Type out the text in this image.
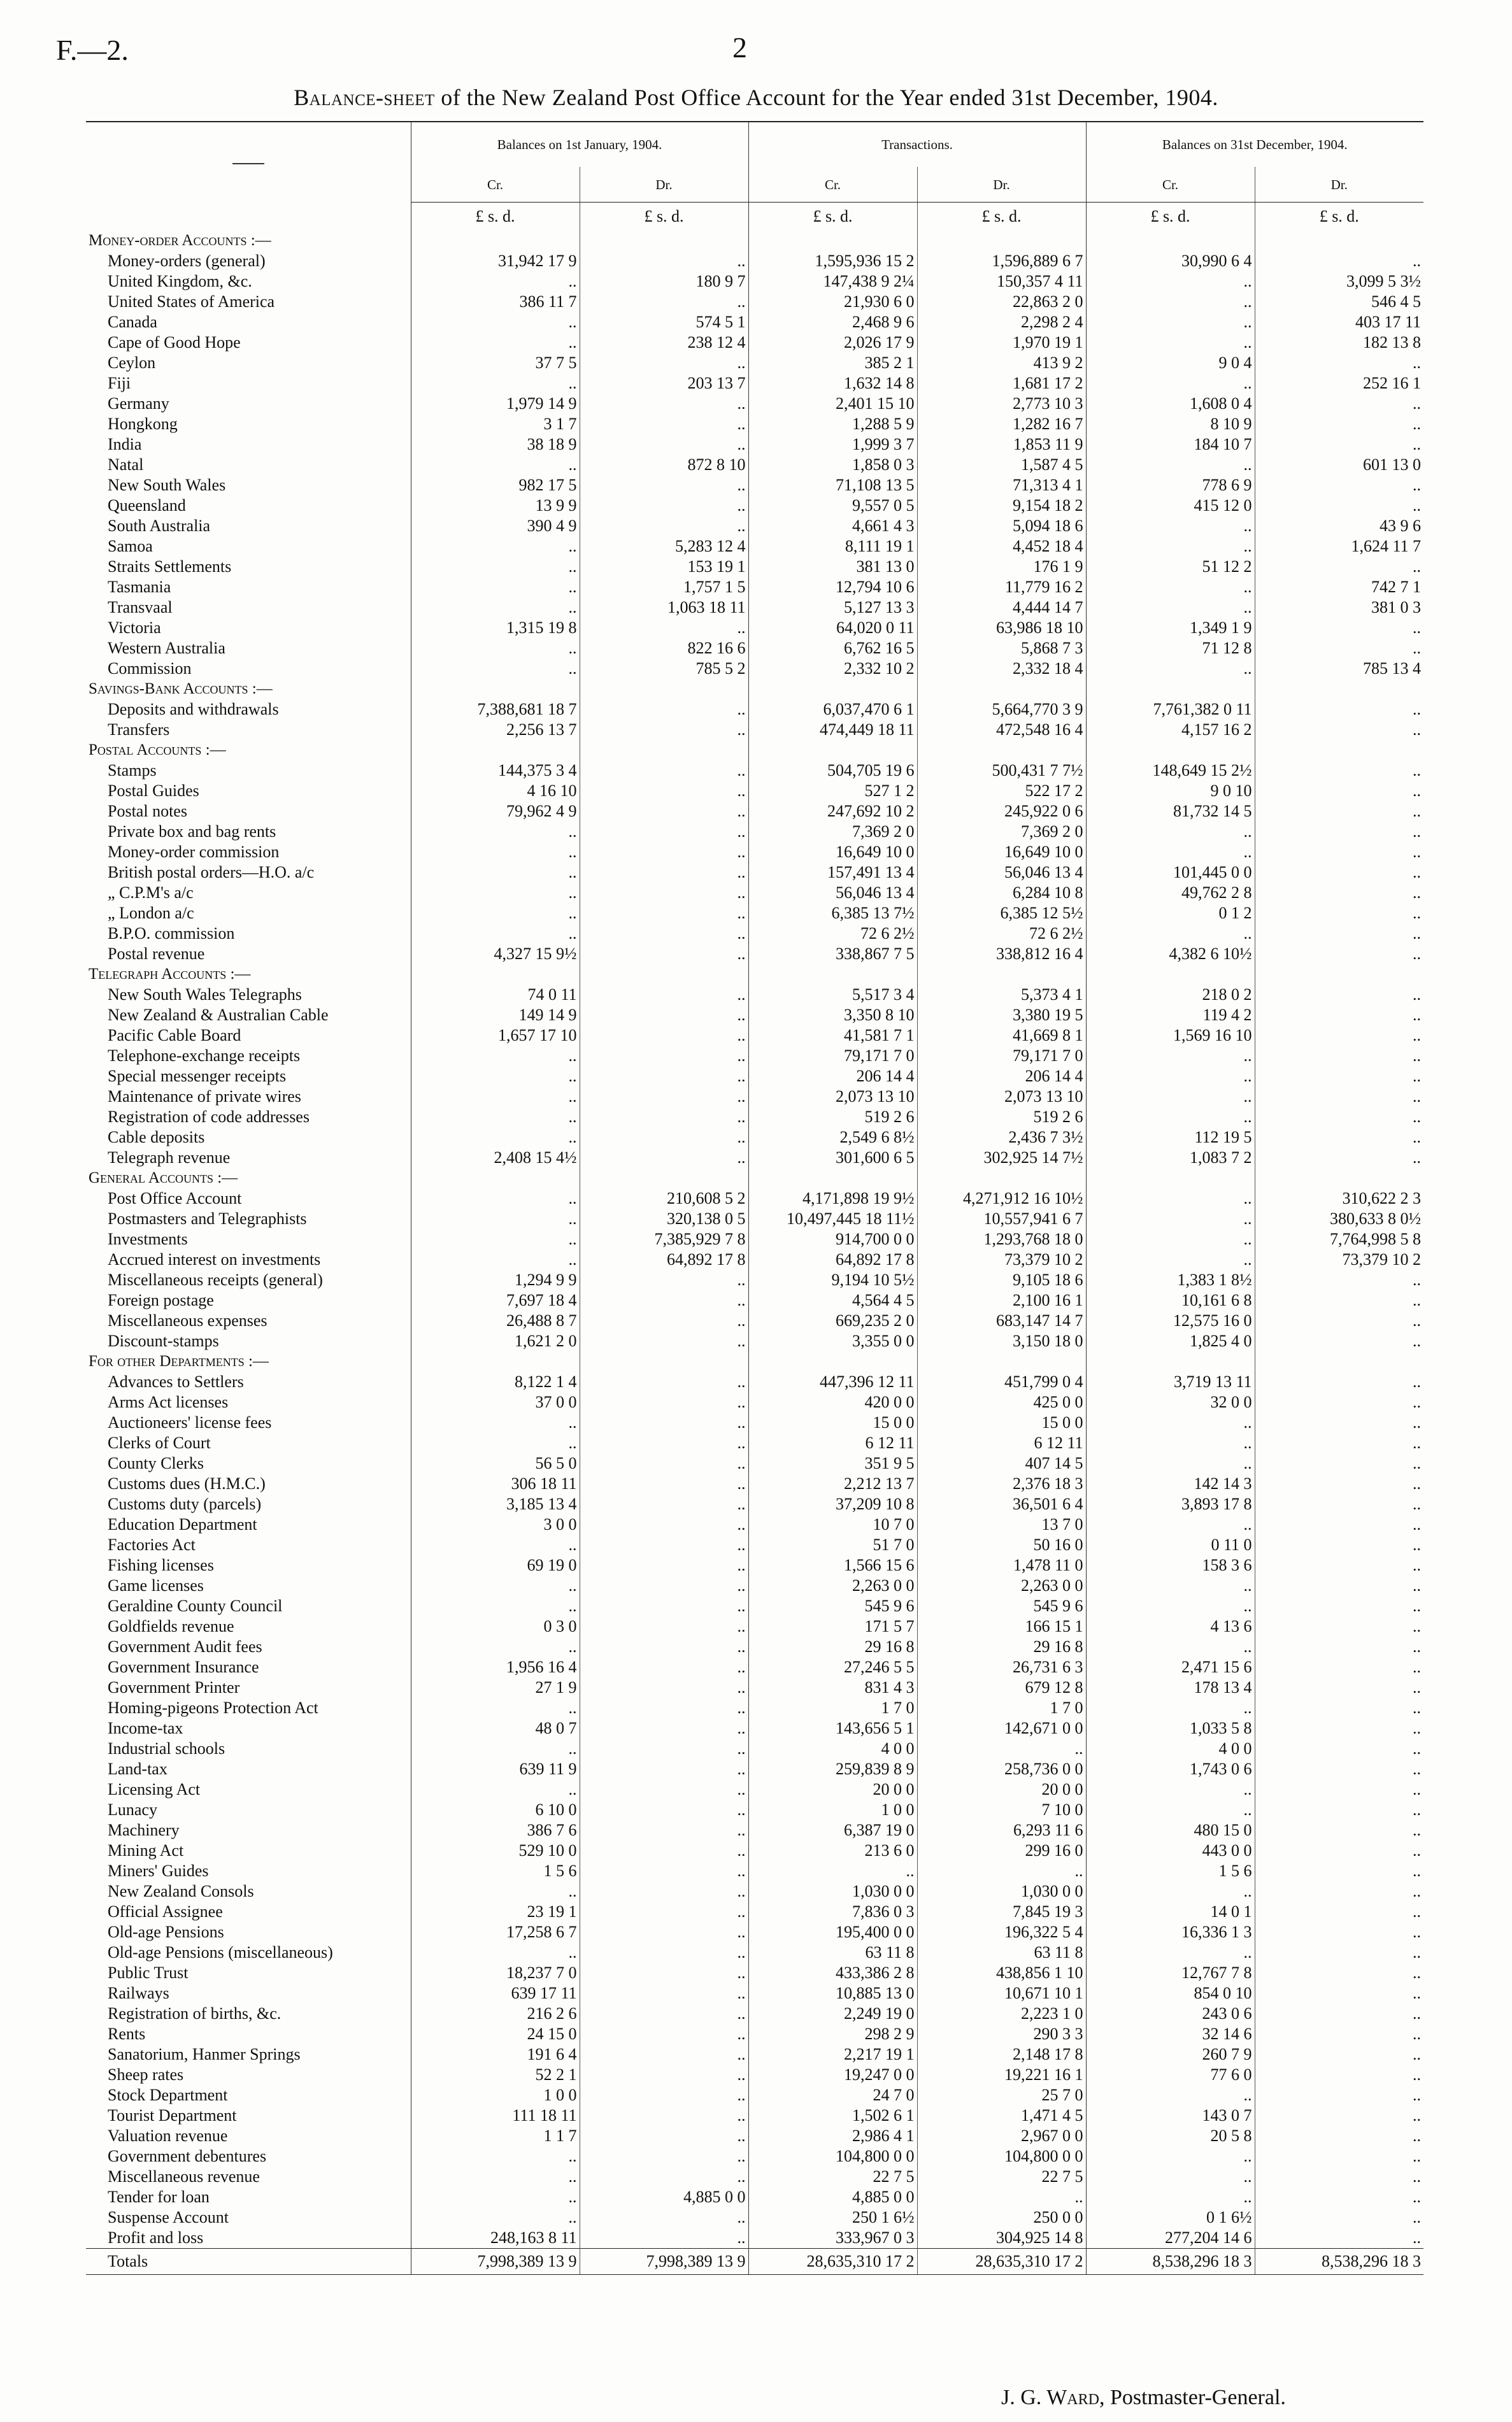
F.—2.	2
Balance-sheet of the New Zealand Post Office Account for the Year ended 31st December, 1904.
	Balances on 1st January, 1904.		Transactions.		Balances on 31st December, 1904.	
	Cr.	Dr.	Cr.	Dr.	Cr.	Dr.
	£ s. d.	£ s. d.	£ s. d.	£ s. d.	£ s. d.	£ s. d.
Money-order Accounts :—						
Money-orders (general)	31,942 17 9	..	1,595,936 15 2	1,596,889 6 7	30,990 6 4	..
United Kingdom, &c.	..	180 9 7	147,438 9 2¼	150,357 4 11	..	3,099 5 3½
United States of America	386 11 7	..	21,930 6 0	22,863 2 0	..	546 4 5
Canada	..	574 5 1	2,468 9 6	2,298 2 4	..	403 17 11
Cape of Good Hope	..	238 12 4	2,026 17 9	1,970 19 1	..	182 13 8
Ceylon	37 7 5	..	385 2 1	413 9 2	9 0 4	..
Fiji	..	203 13 7	1,632 14 8	1,681 17 2	..	252 16 1
Germany	1,979 14 9	..	2,401 15 10	2,773 10 3	1,608 0 4	..
Hongkong	3 1 7	..	1,288 5 9	1,282 16 7	8 10 9	..
India	38 18 9	..	1,999 3 7	1,853 11 9	184 10 7	..
Natal	..	872 8 10	1,858 0 3	1,587 4 5	..	601 13 0
New South Wales	982 17 5	..	71,108 13 5	71,313 4 1	778 6 9	..
Queensland	13 9 9	..	9,557 0 5	9,154 18 2	415 12 0	..
South Australia	390 4 9	..	4,661 4 3	5,094 18 6	..	43 9 6
Samoa	..	5,283 12 4	8,111 19 1	4,452 18 4	..	1,624 11 7
Straits Settlements	..	153 19 1	381 13 0	176 1 9	51 12 2	..
Tasmania	..	1,757 1 5	12,794 10 6	11,779 16 2	..	742 7 1
Transvaal	..	1,063 18 11	5,127 13 3	4,444 14 7	..	381 0 3
Victoria	1,315 19 8	..	64,020 0 11	63,986 18 10	1,349 1 9	..
Western Australia	..	822 16 6	6,762 16 5	5,868 7 3	71 12 8	..
Commission	..	785 5 2	2,332 10 2	2,332 18 4	..	785 13 4
Savings-Bank Accounts :—						
Deposits and withdrawals	7,388,681 18 7	..	6,037,470 6 1	5,664,770 3 9	7,761,382 0 11	..
Transfers	2,256 13 7	..	474,449 18 11	472,548 16 4	4,157 16 2	..
Postal Accounts :—						
Stamps	144,375 3 4	..	504,705 19 6	500,431 7 7½	148,649 15 2½	..
Postal Guides	4 16 10	..	527 1 2	522 17 2	9 0 10	..
Postal notes	79,962 4 9	..	247,692 10 2	245,922 0 6	81,732 14 5	..
Private box and bag rents	..	..	7,369 2 0	7,369 2 0	..	..
Money-order commission	..	..	16,649 10 0	16,649 10 0	..	..
British postal orders—H.O. a/c	..	..	157,491 13 4	56,046 13 4	101,445 0 0	..
„ C.P.M's a/c	..	..	56,046 13 4	6,284 10 8	49,762 2 8	..
„ London a/c	..	..	6,385 13 7½	6,385 12 5½	0 1 2	..
B.P.O. commission	..	..	72 6 2½	72 6 2½	..	..
Postal revenue	4,327 15 9½	..	338,867 7 5	338,812 16 4	4,382 6 10½	..
Telegraph Accounts :—						
New South Wales Telegraphs	74 0 11	..	5,517 3 4	5,373 4 1	218 0 2	..
New Zealand & Australian Cable	149 14 9	..	3,350 8 10	3,380 19 5	119 4 2	..
Pacific Cable Board	1,657 17 10	..	41,581 7 1	41,669 8 1	1,569 16 10	..
Telephone-exchange receipts	..	..	79,171 7 0	79,171 7 0	..	..
Special messenger receipts	..	..	206 14 4	206 14 4	..	..
Maintenance of private wires	..	..	2,073 13 10	2,073 13 10	..	..
Registration of code addresses	..	..	519 2 6	519 2 6	..	..
Cable deposits	..	..	2,549 6 8½	2,436 7 3½	112 19 5	..
Telegraph revenue	2,408 15 4½	..	301,600 6 5	302,925 14 7½	1,083 7 2	..
General Accounts :—						
Post Office Account	..	210,608 5 2	4,171,898 19 9½	4,271,912 16 10½	..	310,622 2 3
Postmasters and Telegraphists	..	320,138 0 5	10,497,445 18 11½	10,557,941 6 7	..	380,633 8 0½
Investments	..	7,385,929 7 8	914,700 0 0	1,293,768 18 0	..	7,764,998 5 8
Accrued interest on investments	..	64,892 17 8	64,892 17 8	73,379 10 2	..	73,379 10 2
Miscellaneous receipts (general)	1,294 9 9	..	9,194 10 5½	9,105 18 6	1,383 1 8½	..
Foreign postage	7,697 18 4	..	4,564 4 5	2,100 16 1	10,161 6 8	..
Miscellaneous expenses	26,488 8 7	..	669,235 2 0	683,147 14 7	12,575 16 0	..
Discount-stamps	1,621 2 0	..	3,355 0 0	3,150 18 0	1,825 4 0	..
For other Departments :—						
Advances to Settlers	8,122 1 4	..	447,396 12 11	451,799 0 4	3,719 13 11	..
Arms Act licenses	37 0 0	..	420 0 0	425 0 0	32 0 0	..
Auctioneers' license fees	..	..	15 0 0	15 0 0	..	..
Clerks of Court	..	..	6 12 11	6 12 11	..	..
County Clerks	56 5 0	..	351 9 5	407 14 5	..	..
Customs dues (H.M.C.)	306 18 11	..	2,212 13 7	2,376 18 3	142 14 3	..
Customs duty (parcels)	3,185 13 4	..	37,209 10 8	36,501 6 4	3,893 17 8	..
Education Department	3 0 0	..	10 7 0	13 7 0	..	..
Factories Act	..	..	51 7 0	50 16 0	0 11 0	..
Fishing licenses	69 19 0	..	1,566 15 6	1,478 11 0	158 3 6	..
Game licenses	..	..	2,263 0 0	2,263 0 0	..	..
Geraldine County Council	..	..	545 9 6	545 9 6	..	..
Goldfields revenue	0 3 0	..	171 5 7	166 15 1	4 13 6	..
Government Audit fees	..	..	29 16 8	29 16 8	..	..
Government Insurance	1,956 16 4	..	27,246 5 5	26,731 6 3	2,471 15 6	..
Government Printer	27 1 9	..	831 4 3	679 12 8	178 13 4	..
Homing-pigeons Protection Act	..	..	1 7 0	1 7 0	..	..
Income-tax	48 0 7	..	143,656 5 1	142,671 0 0	1,033 5 8	..
Industrial schools	..	..	4 0 0	..	4 0 0	..
Land-tax	639 11 9	..	259,839 8 9	258,736 0 0	1,743 0 6	..
Licensing Act	..	..	20 0 0	20 0 0	..	..
Lunacy	6 10 0	..	1 0 0	7 10 0	..	..
Machinery	386 7 6	..	6,387 19 0	6,293 11 6	480 15 0	..
Mining Act	529 10 0	..	213 6 0	299 16 0	443 0 0	..
Miners' Guides	1 5 6	..	..	..	1 5 6	..
New Zealand Consols	..	..	1,030 0 0	1,030 0 0	..	..
Official Assignee	23 19 1	..	7,836 0 3	7,845 19 3	14 0 1	..
Old-age Pensions	17,258 6 7	..	195,400 0 0	196,322 5 4	16,336 1 3	..
Old-age Pensions (miscellaneous)	..	..	63 11 8	63 11 8	..	..
Public Trust	18,237 7 0	..	433,386 2 8	438,856 1 10	12,767 7 8	..
Railways	639 17 11	..	10,885 13 0	10,671 10 1	854 0 10	..
Registration of births, &c.	216 2 6	..	2,249 19 0	2,223 1 0	243 0 6	..
Rents	24 15 0	..	298 2 9	290 3 3	32 14 6	..
Sanatorium, Hanmer Springs	191 6 4	..	2,217 19 1	2,148 17 8	260 7 9	..
Sheep rates	52 2 1	..	19,247 0 0	19,221 16 1	77 6 0	..
Stock Department	1 0 0	..	24 7 0	25 7 0	..	..
Tourist Department	111 18 11	..	1,502 6 1	1,471 4 5	143 0 7	..
Valuation revenue	1 1 7	..	2,986 4 1	2,967 0 0	20 5 8	..
Government debentures	..	..	104,800 0 0	104,800 0 0	..	..
Miscellaneous revenue	..	..	22 7 5	22 7 5	..	..
Tender for loan	..	4,885 0 0	4,885 0 0	..	..	..
Suspense Account	..	..	250 1 6½	250 0 0	0 1 6½	..
Profit and loss	248,163 8 11	..	333,967 0 3	304,925 14 8	277,204 14 6	..
Totals	7,998,389 13 9	7,998,389 13 9	28,635,310 17 2	28,635,310 17 2	8,538,296 18 3	8,538,296 18 3
J. G. Ward, Postmaster-General.
